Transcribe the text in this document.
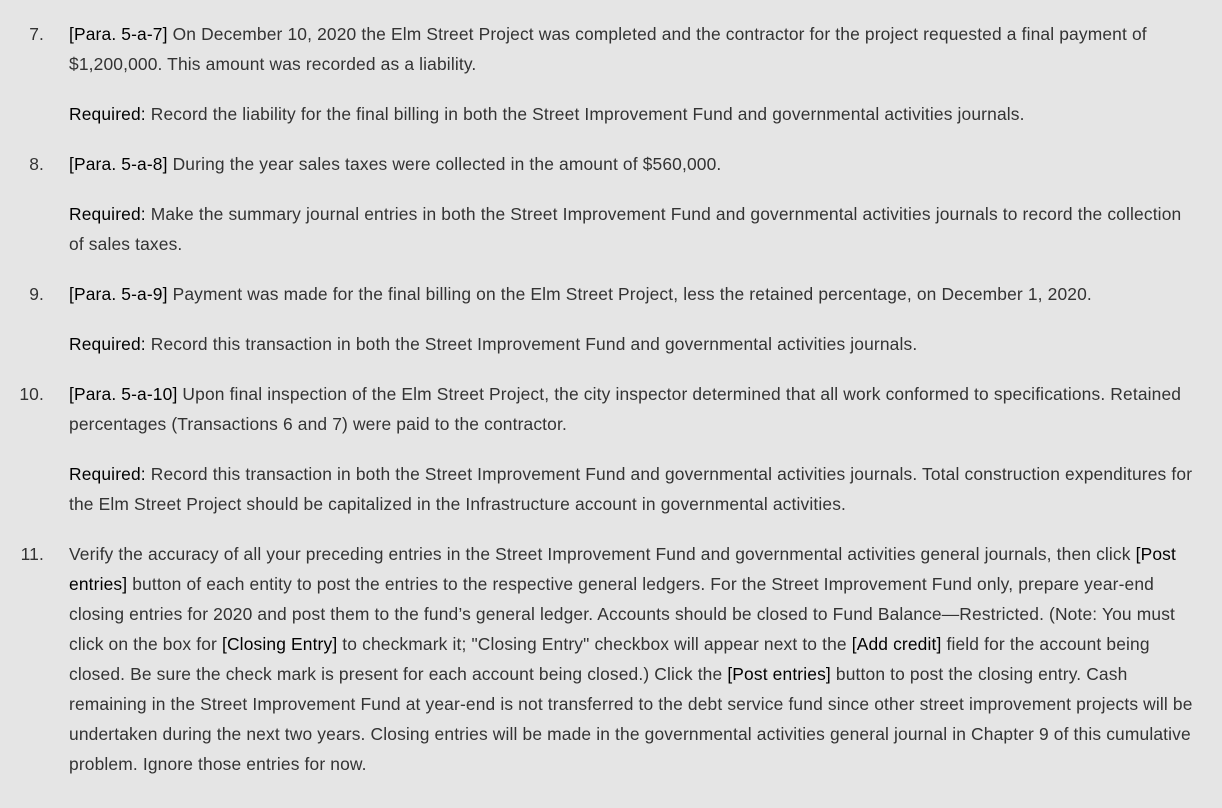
7. [Para. 5-a-7] On December 10, 2020 the Elm Street Project was completed and the contractor for the project requested a final payment of $1,200,000. This amount was recorded as a liability.

Required: Record the liability for the final billing in both the Street Improvement Fund and governmental activities journals.

8. [Para. 5-a-8] During the year sales taxes were collected in the amount of $560,000.

Required: Make the summary journal entries in both the Street Improvement Fund and governmental activities journals to record the collection of sales taxes.

9. [Para. 5-a-9] Payment was made for the final billing on the Elm Street Project, less the retained percentage, on December 1, 2020.

Required: Record this transaction in both the Street Improvement Fund and governmental activities journals.

10. [Para. 5-a-10] Upon final inspection of the Elm Street Project, the city inspector determined that all work conformed to specifications. Retained percentages (Transactions 6 and 7) were paid to the contractor.

Required: Record this transaction in both the Street Improvement Fund and governmental activities journals. Total construction expenditures for the Elm Street Project should be capitalized in the Infrastructure account in governmental activities.

11. Verify the accuracy of all your preceding entries in the Street Improvement Fund and governmental activities general journals, then click [Post entries] button of each entity to post the entries to the respective general ledgers. For the Street Improvement Fund only, prepare year-end closing entries for 2020 and post them to the fund’s general ledger. Accounts should be closed to Fund Balance—Restricted. (Note: You must click on the box for [Closing Entry] to checkmark it; "Closing Entry" checkbox will appear next to the [Add credit] field for the account being closed. Be sure the check mark is present for each account being closed.) Click the [Post entries] button to post the closing entry. Cash remaining in the Street Improvement Fund at year-end is not transferred to the debt service fund since other street improvement projects will be undertaken during the next two years. Closing entries will be made in the governmental activities general journal in Chapter 9 of this cumulative problem. Ignore those entries for now.
